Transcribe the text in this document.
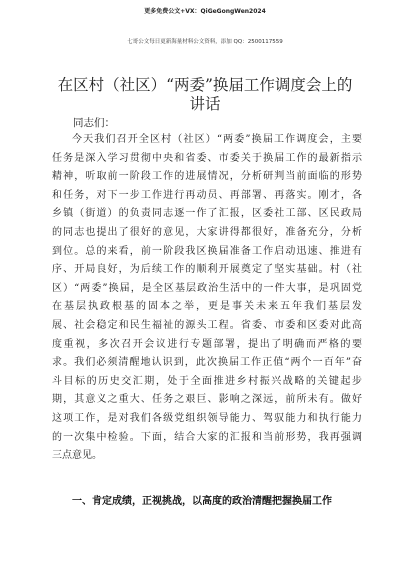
更多免费公文+VX：QiGeGongWen2024
七哥公文每日更新海量材料公文资料，添加 QQ：2500117559
在区村（社区）“两委”换届工作调度会上的
讲话
同志们：
今天我们召开全区村（社区）“两委”换届工作调度会，主要
任务是深入学习贯彻中央和省委、市委关于换届工作的最新指示
精神，听取前一阶段工作的进展情况，分析研判当前面临的形势
和任务，对下一步工作进行再动员、再部署、再落实。刚才，各
乡镇（街道）的负责同志逐一作了汇报，区委社工部、区民政局
的同志也提出了很好的意见，大家讲得都很好，准备充分，分析
到位。总的来看，前一阶段我区换届准备工作启动迅速、推进有
序、开局良好，为后续工作的顺利开展奠定了坚实基础。村（社
区）“两委”换届，是全区基层政治生活中的一件大事，是巩固党
在基层执政根基的固本之举，更是事关未来五年我们基层发
展、社会稳定和民生福祉的源头工程。省委、市委和区委对此高
度重视，多次召开会议进行专题部署，提出了明确而严格的要
求。我们必须清醒地认识到，此次换届工作正值“两个一百年”奋
斗目标的历史交汇期，处于全面推进乡村振兴战略的关键起步
期，其意义之重大、任务之艰巨、影响之深远，前所未有。做好
这项工作，是对我们各级党组织领导能力、驾驭能力和执行能力
的一次集中检验。下面，结合大家的汇报和当前形势，我再强调
三点意见。
一、肯定成绩，正视挑战，以高度的政治清醒把握换届工作
